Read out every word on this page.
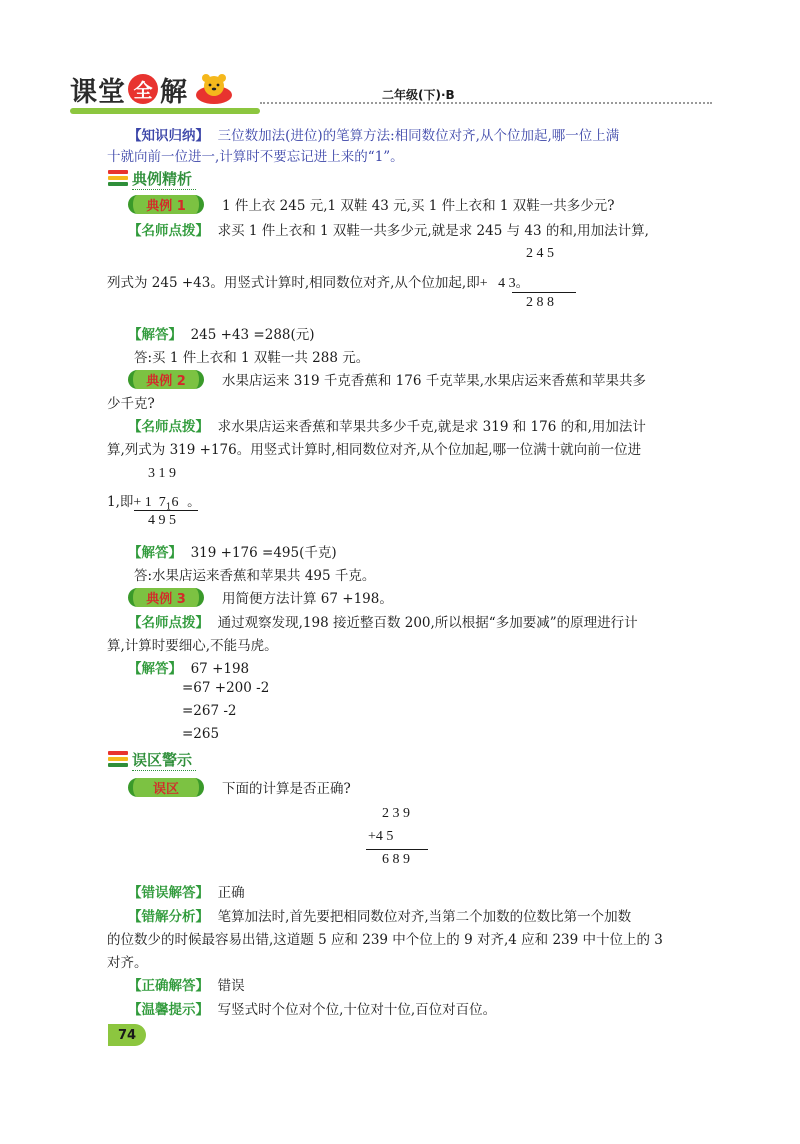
课堂 全 解	二年级(下)·B
【知识归纳】 三位数加法(进位)的笔算方法:相同数位对齐,从个位加起,哪一位上满
十就向前一位进一,计算时不要忘记进上来的“1”。
典例精析
典例 1	1 件上衣 245 元,1 双鞋 43 元,买 1 件上衣和 1 双鞋一共多少元?
【名师点拨】 求买 1 件上衣和 1 双鞋一共多少元,就是求 245 与 43 的和,用加法计算,
2 4 5
列式为 245 +43。用竖式计算时,相同数位对齐,从个位加起,即+   4 3。
2 8 8
【解答】 245 +43 =288(元)
答:买 1 件上衣和 1 双鞋一共 288 元。
典例 2	水果店运来 319 千克香蕉和 176 千克苹果,水果店运来香蕉和苹果共多
少千克?
【名师点拨】 求水果店运来香蕉和苹果共多少千克,就是求 319 和 176 的和,用加法计
算,列式为 319 +176。用竖式计算时,相同数位对齐,从个位加起,哪一位满十就向前一位进
3 1 9
1,即+ 1  $7_16$ 。
4 9 5
【解答】 319 +176 =495(千克)
答:水果店运来香蕉和苹果共 495 千克。
典例 3	用简便方法计算 67 +198。
【名师点拨】 通过观察发现,198 接近整百数 200,所以根据“多加要减”的原理进行计
算,计算时要细心,不能马虎。
【解答】 67 +198
=67 +200 -2
=267 -2
=265
误区警示
误区	下面的计算是否正确?
2 3 9
+4 5
6 8 9
【错误解答】 正确
【错解分析】 笔算加法时,首先要把相同数位对齐,当第二个加数的位数比第一个加数
的位数少的时候最容易出错,这道题 5 应和 239 中个位上的 9 对齐,4 应和 239 中十位上的 3
对齐。
【正确解答】 错误
【温馨提示】 写竖式时个位对个位,十位对十位,百位对百位。
74
